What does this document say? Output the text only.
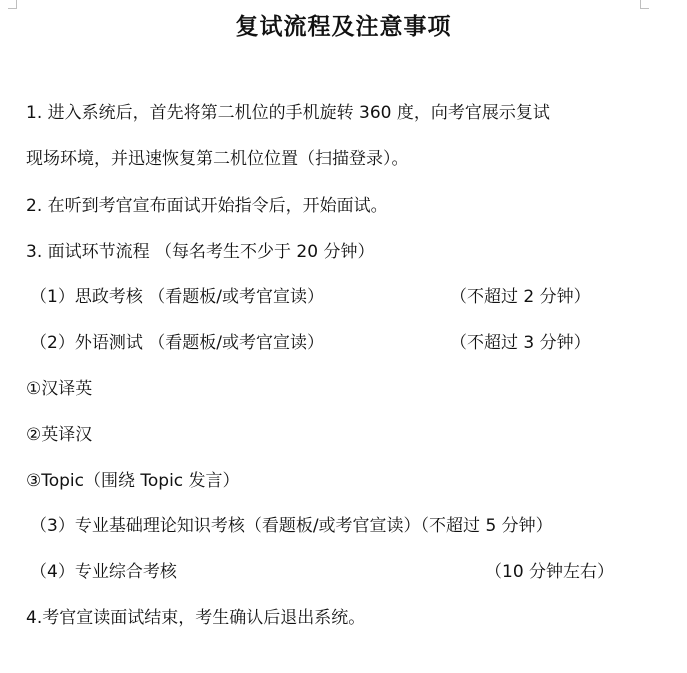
复试流程及注意事项
1. 进入系统后，首先将第二机位的手机旋转 360 度，向考官展示复试
现场环境，并迅速恢复第二机位位置（扫描登录）。
2. 在听到考官宣布面试开始指令后，开始面试。
3. 面试环节流程 （每名考生不少于 20 分钟）
（1）思政考核 （看题板/或考官宣读）	（不超过 2 分钟）
（2）外语测试 （看题板/或考官宣读）	（不超过 3 分钟）
①汉译英
②英译汉
③Topic（围绕 Topic 发言）
（3）专业基础理论知识考核（看题板/或考官宣读）（不超过 5 分钟）
（4）专业综合考核	（10 分钟左右）
4.考官宣读面试结束，考生确认后退出系统。
